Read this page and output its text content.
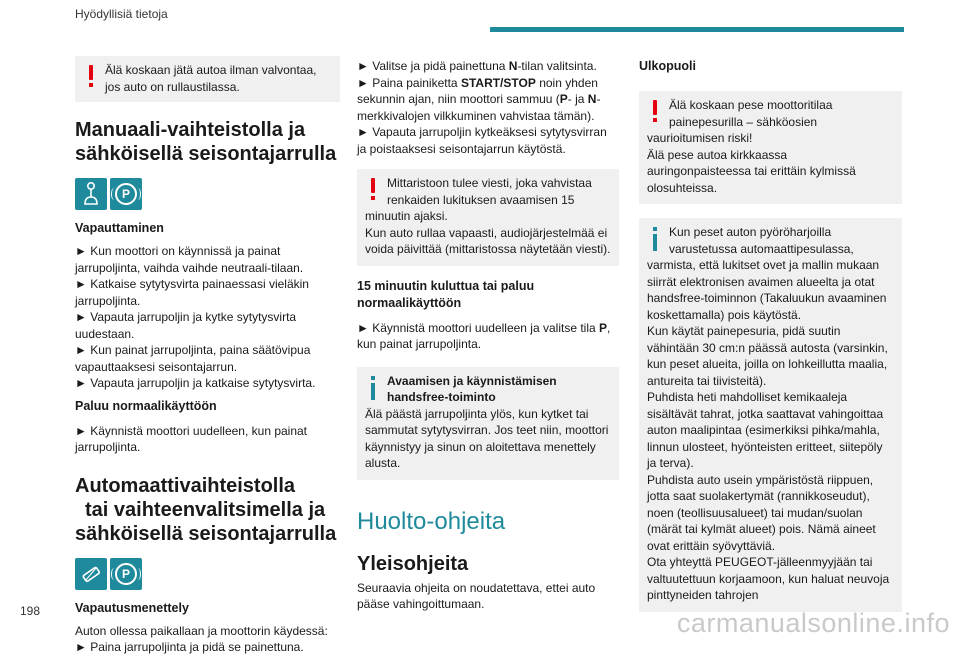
Hyödyllisiä tietoja
Älä koskaan jätä autoa ilman valvontaa, jos auto on rullaustilassa.
Manuaali-vaihteistolla ja sähköisellä seisontajarrulla
P
Vapauttaminen
► Kun moottori on käynnissä ja painat jarrupoljinta, vaihda vaihde neutraali-tilaan.
► Katkaise sytytysvirta painaessasi vieläkin jarrupoljinta.
► Vapauta jarrupoljin ja kytke sytytysvirta uudestaan.
► Kun painat jarrupoljinta, paina säätövipua vapauttaaksesi seisontajarrun.
► Vapauta jarrupoljin ja katkaise sytytysvirta.
Paluu normaalikäyttöön
► Käynnistä moottori uudelleen, kun painat jarrupoljinta.
Automaattivaihteistolla
tai vaihteenvalitsimella ja
sähköisellä seisontajarrulla
P
Vapautusmenettely
Auton ollessa paikallaan ja moottorin käydessä:
► Paina jarrupoljinta ja pidä se painettuna.
► Valitse ja pidä painettuna N-tilan valitsinta.
► Paina painiketta START/STOP noin yhden sekunnin ajan, niin moottori sammuu (P- ja N-merkkivalojen vilkkuminen vahvistaa tämän).
► Vapauta jarrupoljin kytkeäksesi sytytysvirran ja poistaaksesi seisontajarrun käytöstä.
Mittaristoon tulee viesti, joka vahvistaa renkaiden lukituksen avaamisen 15 minuutin ajaksi.
Kun auto rullaa vapaasti, audiojärjestelmää ei voida päivittää (mittaristossa näytetään viesti).
15 minuutin kuluttua tai paluu normaalikäyttöön
► Käynnistä moottori uudelleen ja valitse tila P, kun painat jarrupoljinta.
Avaamisen ja käynnistämisen handsfree-toiminto
Älä päästä jarrupoljinta ylös, kun kytket tai sammutat sytytysvirran. Jos teet niin, moottori käynnistyy ja sinun on aloitettava menettely alusta.
Huolto-ohjeita
Yleisohjeita
Seuraavia ohjeita on noudatettava, ettei auto pääse vahingoittumaan.
Ulkopuoli
Älä koskaan pese moottoritilaa painepesurilla – sähköosien vaurioitumisen riski!
Älä pese autoa kirkkaassa auringonpaisteessa tai erittäin kylmissä olosuhteissa.
Kun peset auton pyöröharjoilla varustetussa automaattipesulassa, varmista, että lukitset ovet ja mallin mukaan siirrät elektronisen avaimen alueelta ja otat handsfree-toiminnon (Takaluukun avaaminen koskettamalla) pois käytöstä.
Kun käytät painepesuria, pidä suutin vähintään 30 cm:n päässä autosta (varsinkin, kun peset alueita, joilla on lohkeillutta maalia, antureita tai tiivisteitä).
Puhdista heti mahdolliset kemikaaleja sisältävät tahrat, jotka saattavat vahingoittaa auton maalipintaa (esimerkiksi pihka/mahla, linnun ulosteet, hyönteisten eritteet, siitepöly ja terva).
Puhdista auto usein ympäristöstä riippuen, jotta saat suolakertymät (rannikkoseudut), noen (teollisuusalueet) tai mudan/suolan (märät tai kylmät alueet) pois. Nämä aineet ovat erittäin syövyttäviä.
Ota yhteyttä PEUGEOT-jälleenmyyjään tai valtuutettuun korjaamoon, kun haluat neuvoja pinttyneiden tahrojen
198	carmanualsonline.info
